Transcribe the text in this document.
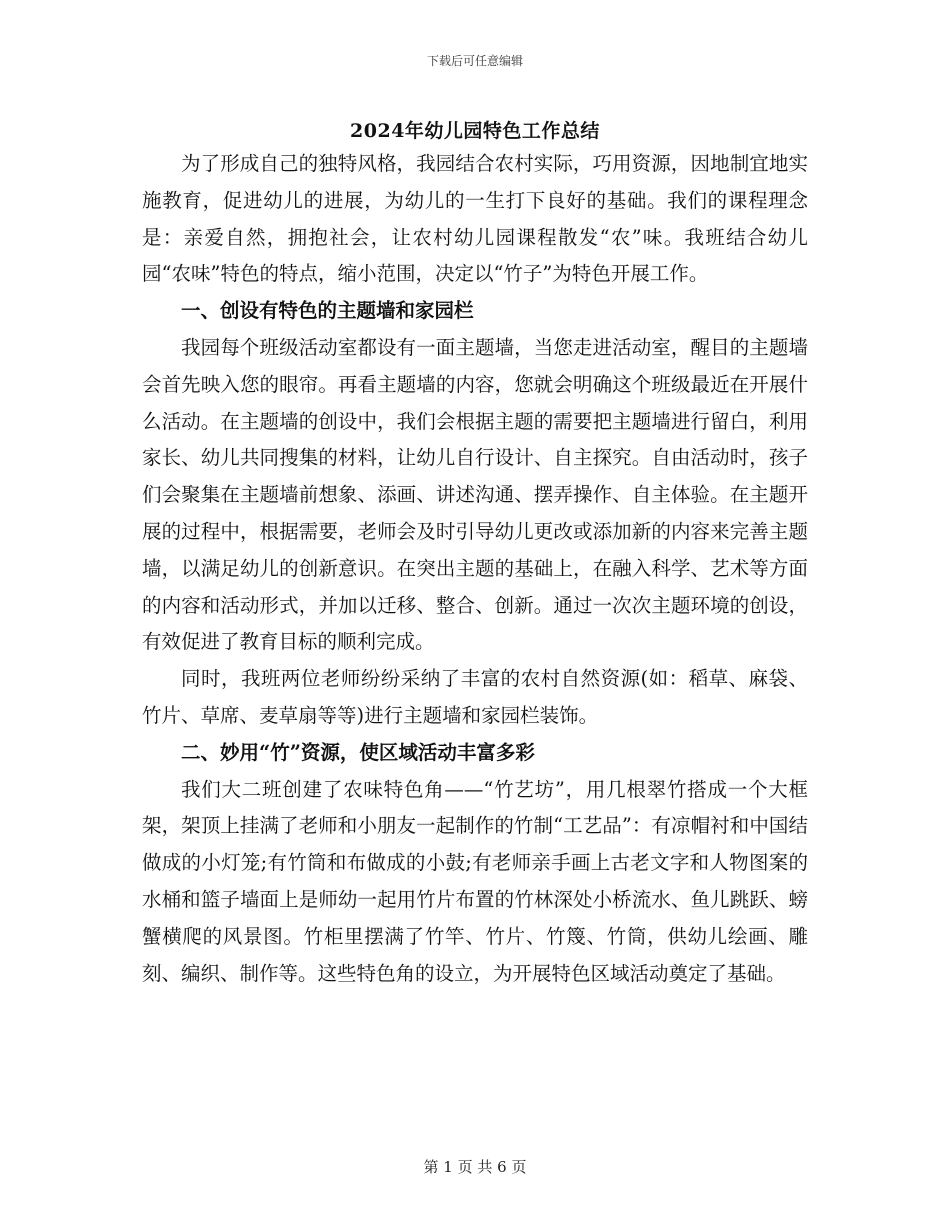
下载后可任意编辑
2024年幼儿园特色工作总结

为了形成自己的独特风格，我园结合农村实际，巧用资源，因地制宜地实施教育，促进幼儿的进展，为幼儿的一生打下良好的基础。我们的课程理念是：亲爱自然，拥抱社会，让农村幼儿园课程散发“农”味。我班结合幼儿园“农味”特色的特点，缩小范围，决定以“竹子”为特色开展工作。

一、创设有特色的主题墙和家园栏

我园每个班级活动室都设有一面主题墙，当您走进活动室，醒目的主题墙会首先映入您的眼帘。再看主题墙的内容，您就会明确这个班级最近在开展什么活动。在主题墙的创设中，我们会根据主题的需要把主题墙进行留白，利用家长、幼儿共同搜集的材料，让幼儿自行设计、自主探究。自由活动时，孩子们会聚集在主题墙前想象、添画、讲述沟通、摆弄操作、自主体验。在主题开展的过程中，根据需要，老师会及时引导幼儿更改或添加新的内容来完善主题墙，以满足幼儿的创新意识。在突出主题的基础上，在融入科学、艺术等方面的内容和活动形式，并加以迁移、整合、创新。通过一次次主题环境的创设，有效促进了教育目标的顺利完成。

同时，我班两位老师纷纷采纳了丰富的农村自然资源(如：稻草、麻袋、竹片、草席、麦草扇等等)进行主题墙和家园栏装饰。

二、妙用“竹”资源，使区域活动丰富多彩

我们大二班创建了农味特色角——“竹艺坊”，用几根翠竹搭成一个大框架，架顶上挂满了老师和小朋友一起制作的竹制“工艺品”：有凉帽衬和中国结做成的小灯笼;有竹筒和布做成的小鼓;有老师亲手画上古老文字和人物图案的水桶和篮子墙面上是师幼一起用竹片布置的竹林深处小桥流水、鱼儿跳跃、螃蟹横爬的风景图。竹柜里摆满了竹竿、竹片、竹篾、竹筒，供幼儿绘画、雕刻、编织、制作等。这些特色角的设立，为开展特色区域活动奠定了基础。

第 1 页 共 6 页
